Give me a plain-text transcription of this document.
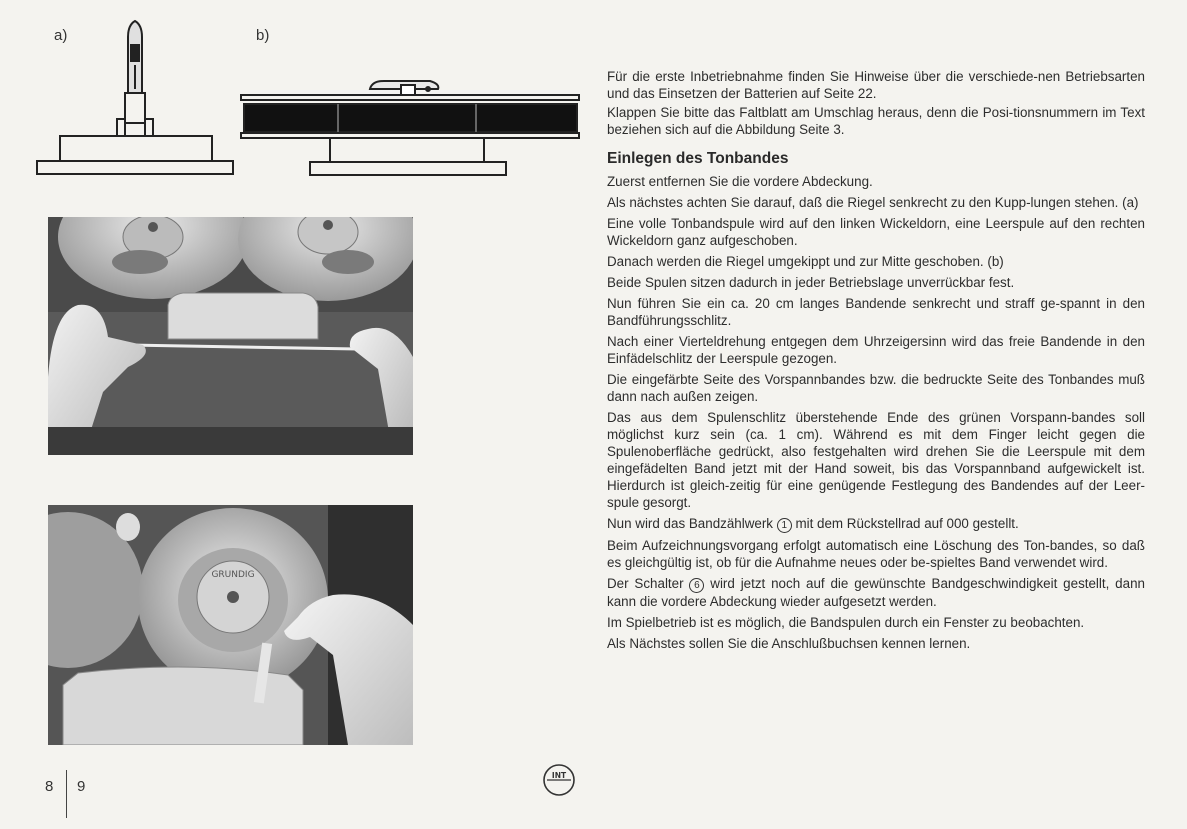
a)	b)
GRUNDIG

Für die erste Inbetriebnahme finden Sie Hinweise über die verschiede-nen Betriebsarten und das Einsetzen der Batterien auf Seite 22.

Klappen Sie bitte das Faltblatt am Umschlag heraus, denn die Posi-tionsnummern im Text beziehen sich auf die Abbildung Seite 3.

Einlegen des Tonbandes

Zuerst entfernen Sie die vordere Abdeckung.

Als nächstes achten Sie darauf, daß die Riegel senkrecht zu den Kupp-lungen stehen. (a)

Eine volle Tonbandspule wird auf den linken Wickeldorn, eine Leerspule auf den rechten Wickeldorn ganz aufgeschoben.

Danach werden die Riegel umgekippt und zur Mitte geschoben. (b)

Beide Spulen sitzen dadurch in jeder Betriebslage unverrückbar fest.

Nun führen Sie ein ca. 20 cm langes Bandende senkrecht und straff ge-spannt in den Bandführungsschlitz.

Nach einer Vierteldrehung entgegen dem Uhrzeigersinn wird das freie Bandende in den Einfädelschlitz der Leerspule gezogen.

Die eingefärbte Seite des Vorspannbandes bzw. die bedruckte Seite des Tonbandes muß dann nach außen zeigen.

Das aus dem Spulenschlitz überstehende Ende des grünen Vorspann-bandes soll möglichst kurz sein (ca. 1 cm). Während es mit dem Finger leicht gegen die Spulenoberfläche gedrückt, also festgehalten wird drehen Sie die Leerspule mit dem eingefädelten Band jetzt mit der Hand soweit, bis das Vorspannband aufgewickelt ist. Hierdurch ist gleich-zeitig für eine genügende Festlegung des Bandendes auf der Leer-spule gesorgt.

Nun wird das Bandzählwerk 1 mit dem Rückstellrad auf 000 gestellt.

Beim Aufzeichnungsvorgang erfolgt automatisch eine Löschung des Ton-bandes, so daß es gleichgültig ist, ob für die Aufnahme neues oder be-spieltes Band verwendet wird.

Der Schalter 6 wird jetzt noch auf die gewünschte Bandgeschwindigkeit gestellt, dann kann die vordere Abdeckung wieder aufgesetzt werden.

Im Spielbetrieb ist es möglich, die Bandspulen durch ein Fenster zu beobachten.

Als Nächstes sollen Sie die Anschlußbuchsen kennen lernen.

INT
8 9
